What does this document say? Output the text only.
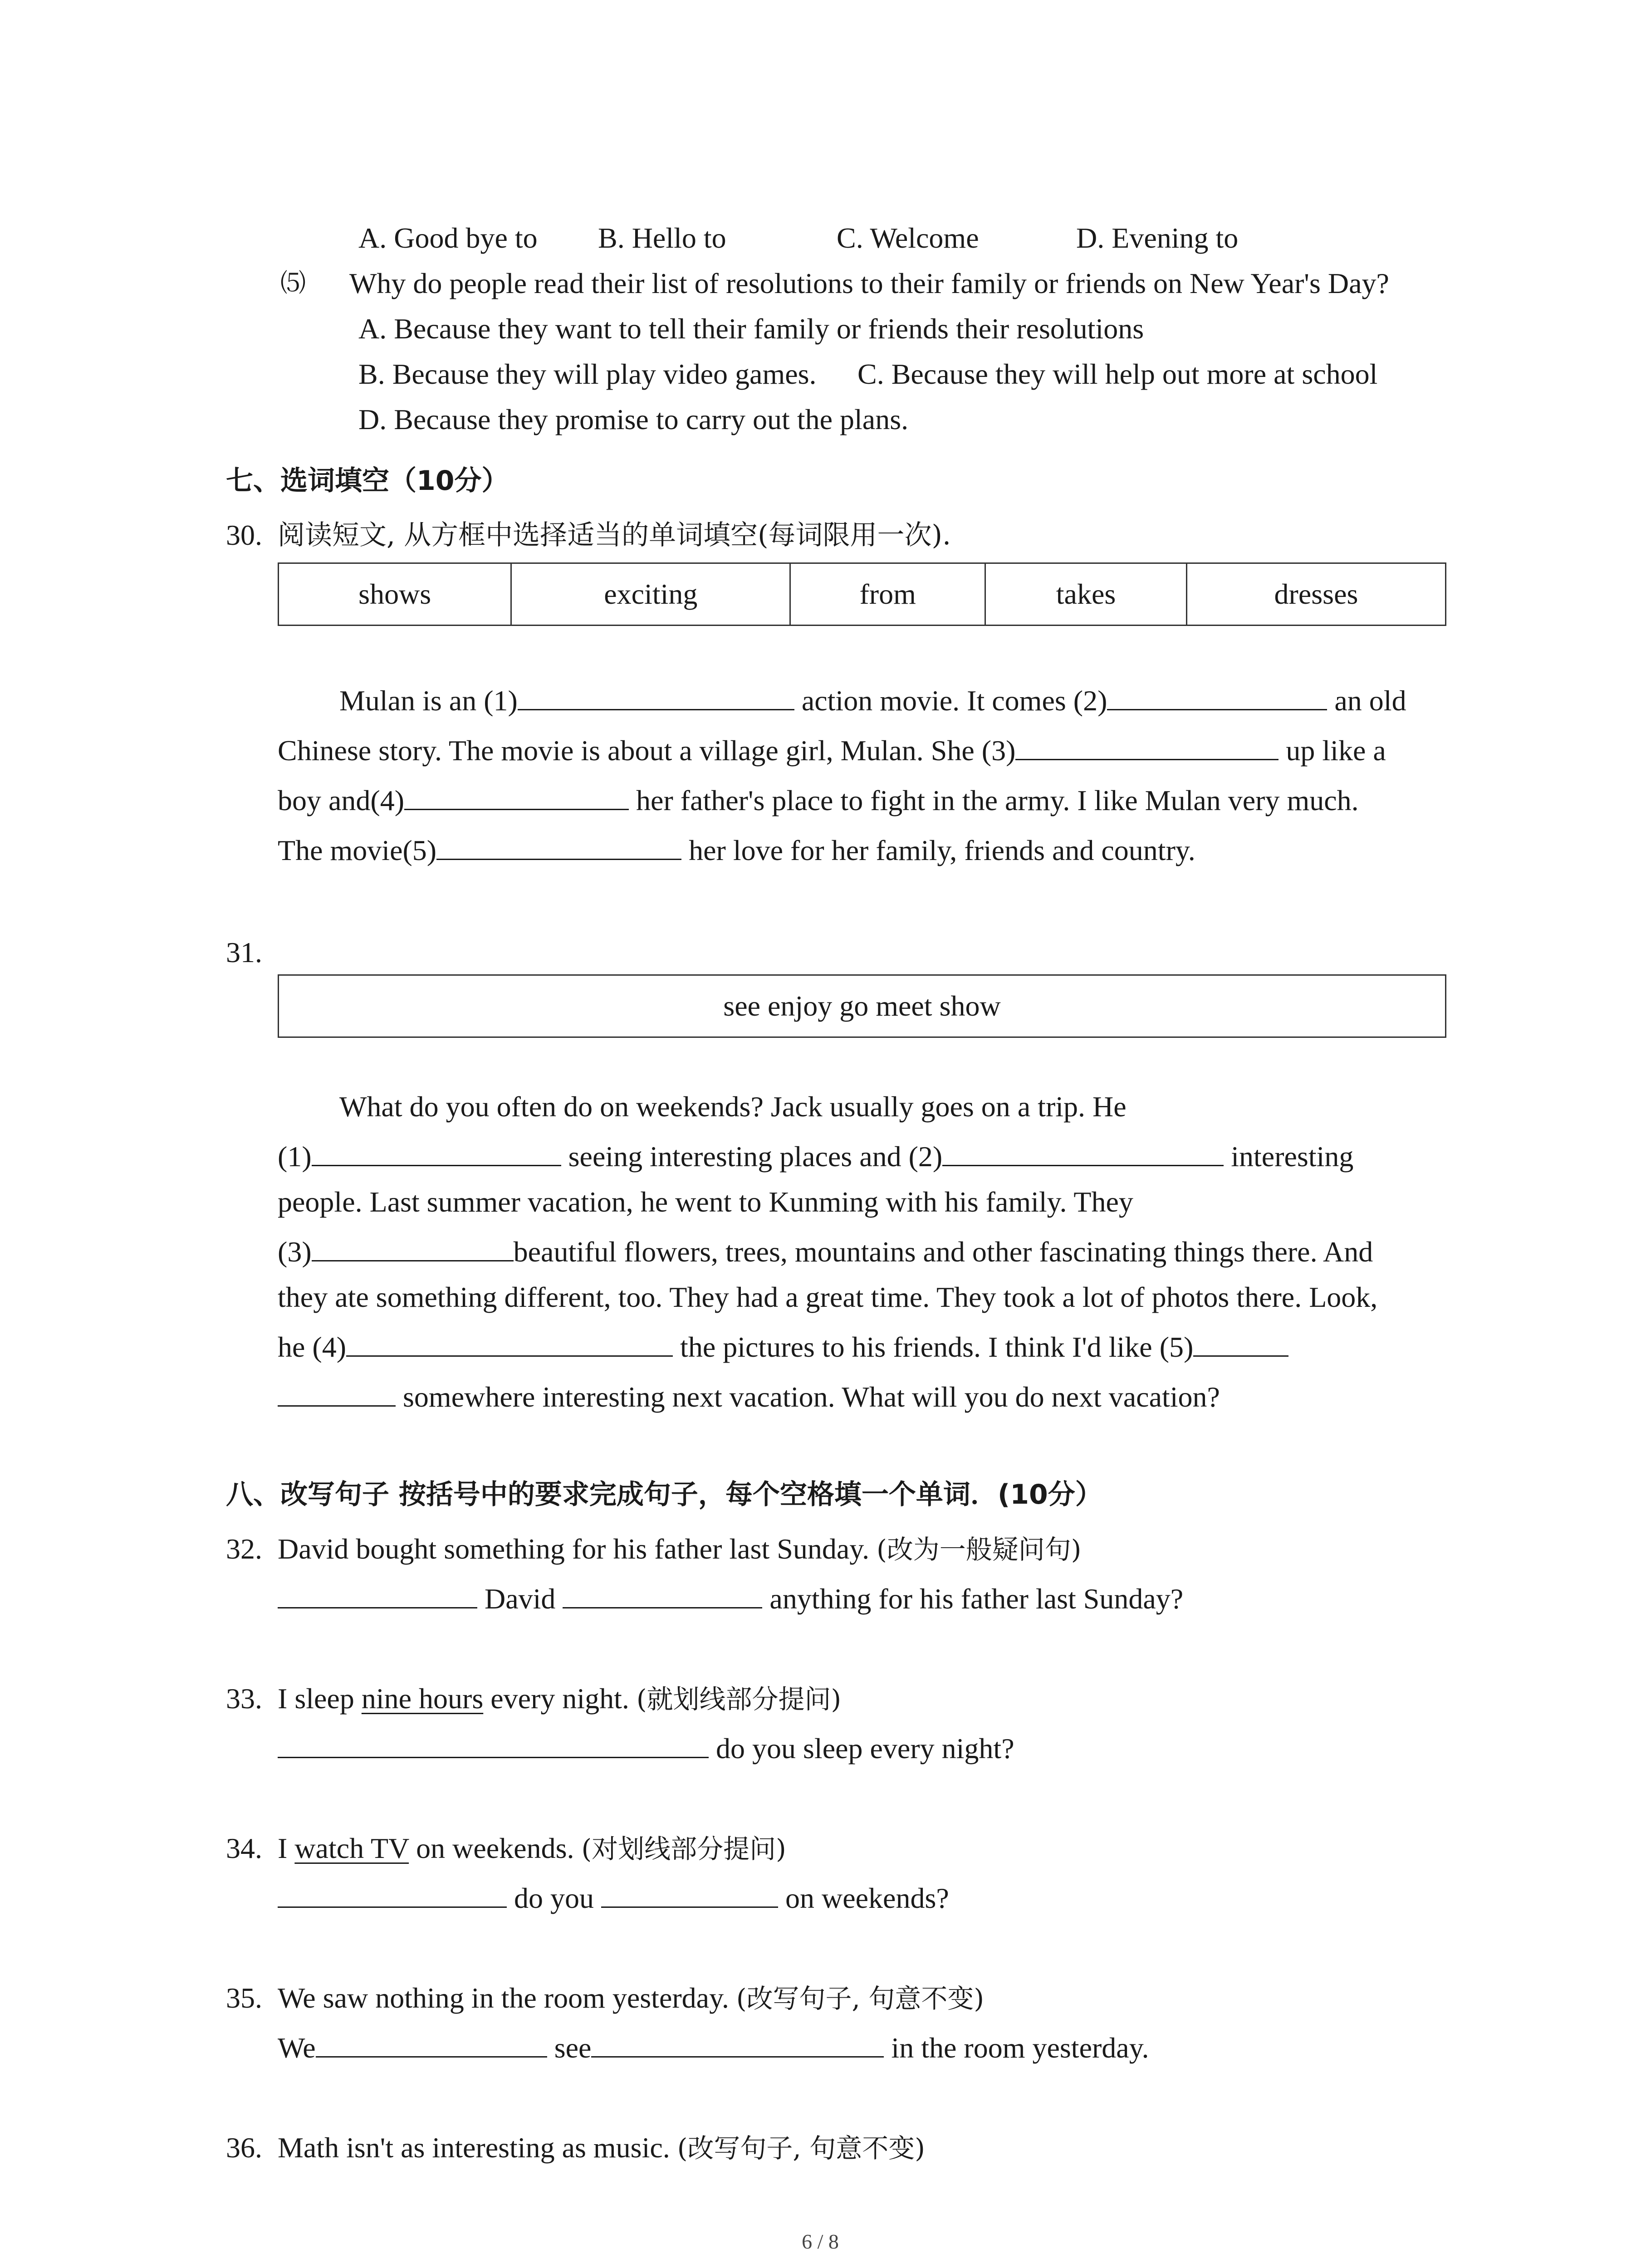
A. Good bye to B. Hello to	C. Welcome	D. Evening to
⑸ Why do people read their list of resolutions to their family or friends on New Year's Day?
A. Because they want to tell their family or friends their resolutions
B. Because they will play video games. C. Because they will help out more at school
D. Because they promise to carry out the plans.
七、选词填空（10分）
30. 阅读短文, 从方框中选择适当的单词填空(每词限用一次).
shows	exciting	from	takes	dresses
Mulan is an (1)	action movie. It comes (2)	an old
Chinese story. The movie is about a village girl, Mulan. She (3)	up like a
boy and(4)	her father's place to fight in the army. I like Mulan very much.
The movie(5)	her love for her family, friends and country.
31.
see enjoy go meet show
What do you often do on weekends? Jack usually goes on a trip. He
(1)	seeing interesting places and (2)	interesting
people. Last summer vacation, he went to Kunming with his family. They
(3)	beautiful flowers, trees, mountains and other fascinating things there. And
they ate something different, too. They had a great time. They took a lot of photos there. Look,
he (4)	the pictures to his friends. I think I'd like (5)
somewhere interesting next vacation. What will you do next vacation?
八、改写句子 按括号中的要求完成句子，每个空格填一个单词．(10分）
32. David bought something for his father last Sunday. (改为一般疑问句)
David	anything for his father last Sunday?
33. I sleep nine hours every night. (就划线部分提问)
do you sleep every night?
34. I watch TV on weekends. (对划线部分提问)
do you	on weekends?
35. We saw nothing in the room yesterday. (改写句子, 句意不变)
We	see	in the room yesterday.
36. Math isn't as interesting as music. (改写句子, 句意不变)
6 / 8
